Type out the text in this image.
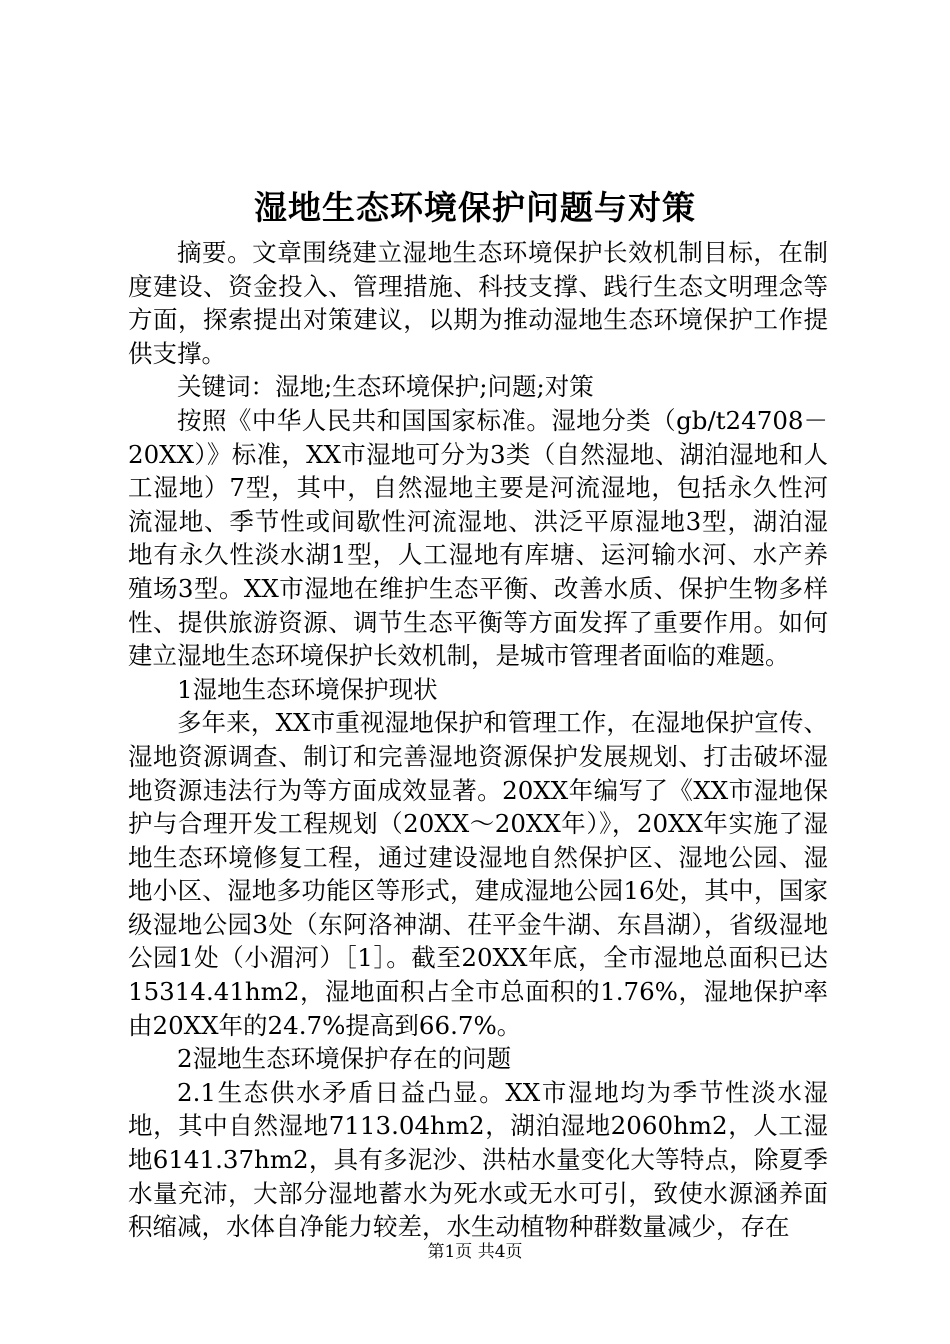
湿地生态环境保护问题与对策

摘要。文章围绕建立湿地生态环境保护长效机制目标，在制度建设、资金投入、管理措施、科技支撑、践行生态文明理念等方面，探索提出对策建议，以期为推动湿地生态环境保护工作提供支撑。

关键词：湿地;生态环境保护;问题;对策

按照《中华人民共和国国家标准。湿地分类（gb/t24708－20XX）》标准，XX市湿地可分为3类（自然湿地、湖泊湿地和人工湿地）7型，其中，自然湿地主要是河流湿地，包括永久性河流湿地、季节性或间歇性河流湿地、洪泛平原湿地3型，湖泊湿地有永久性淡水湖1型，人工湿地有库塘、运河输水河、水产养殖场3型。XX市湿地在维护生态平衡、改善水质、保护生物多样性、提供旅游资源、调节生态平衡等方面发挥了重要作用。如何建立湿地生态环境保护长效机制，是城市管理者面临的难题。

1湿地生态环境保护现状

多年来，XX市重视湿地保护和管理工作，在湿地保护宣传、湿地资源调查、制订和完善湿地资源保护发展规划、打击破坏湿地资源违法行为等方面成效显著。20XX年编写了《XX市湿地保护与合理开发工程规划（20XX～20XX年）》，20XX年实施了湿地生态环境修复工程，通过建设湿地自然保护区、湿地公园、湿地小区、湿地多功能区等形式，建成湿地公园16处，其中，国家级湿地公园3处（东阿洛神湖、茌平金牛湖、东昌湖），省级湿地公园1处（小湄河）［1］。截至20XX年底，全市湿地总面积已达15314.41hm2，湿地面积占全市总面积的1.76%，湿地保护率由20XX年的24.7%提高到66.7%。

2湿地生态环境保护存在的问题

2.1生态供水矛盾日益凸显。XX市湿地均为季节性淡水湿地，其中自然湿地7113.04hm2，湖泊湿地2060hm2，人工湿地6141.37hm2，具有多泥沙、洪枯水量变化大等特点，除夏季水量充沛，大部分湿地蓄水为死水或无水可引，致使水源涵养面积缩减，水体自净能力较差，水生动植物种群数量减少，存在

第1页 共4页
